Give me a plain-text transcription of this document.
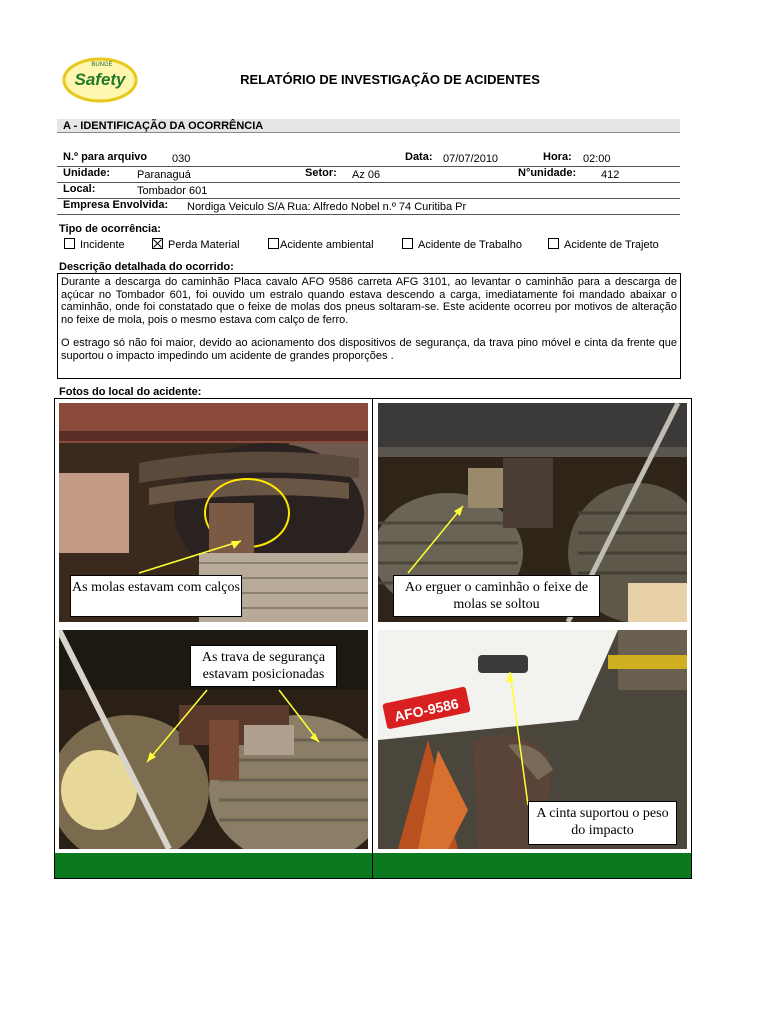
BUNGE
Safety	RELATÓRIO DE INVESTIGAÇÃO DE ACIDENTES
A - IDENTIFICAÇÃO DA OCORRÊNCIA
N.º para arquivo 030	Data: 07/07/2010	Hora: 02:00
Unidade: Paranaguá	Setor: Az 06	N°unidade: 412
Local:	Tombador 601
Empresa Envolvida: Nordiga Veiculo S/A Rua: Alfredo Nobel n.º 74 Curitiba Pr
Tipo de ocorrência:
Incidente	Perda Material	Acidente ambiental	Acidente de Trabalho	Acidente de Trajeto
Descrição detalhada do ocorrido:

Durante a descarga do caminhão Placa cavalo AFO 9586 carreta AFG 3101, ao levantar o caminhão para a descarga de açúcar no Tombador 601, foi ouvido um estralo quando estava descendo a carga, imediatamente foi mandado abaixar o caminhão, onde foi constatado que o feixe de molas dos pneus soltaram-se. Este acidente ocorreu por motivos de alteração no feixe de mola, pois o mesmo estava com calço de ferro.

O estrago só não foi maior, devido ao acionamento dos dispositivos de segurança, da trava pino móvel e cinta da frente que suportou o impacto impedindo um acidente de grandes proporções .

Fotos do local do acidente:
As molas estavam com calços	Ao erguer o caminhão o feixe de molas se soltou
As trava de segurança estavam posicionadas
AFO-9586
A cinta suportou o peso do impacto
